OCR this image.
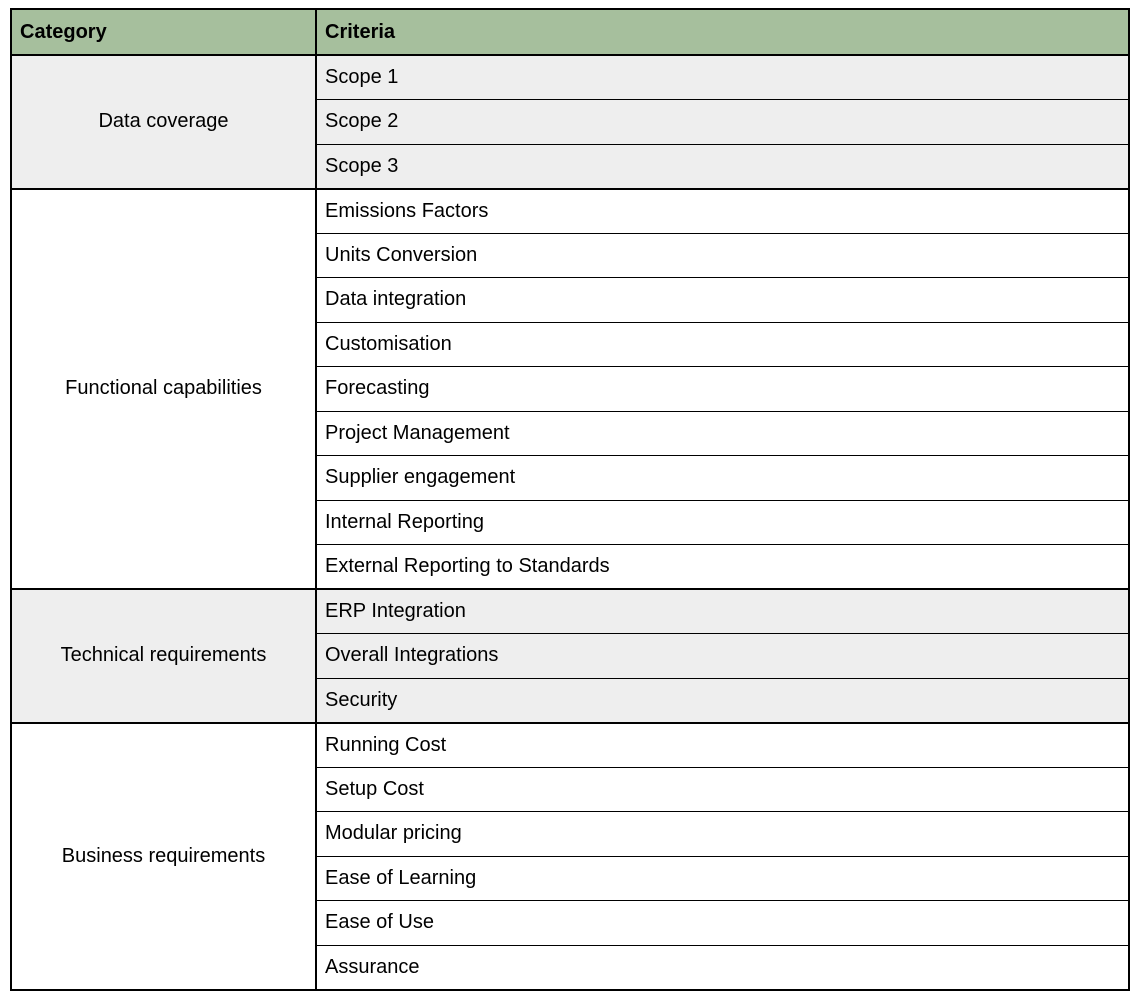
Category	Criteria
Data coverage	Scope 1
	Scope 2
	Scope 3
Functional capabilities	Emissions Factors
	Units Conversion
	Data integration
	Customisation
	Forecasting
	Project Management
	Supplier engagement
	Internal Reporting
	External Reporting to Standards
Technical requirements	ERP Integration
	Overall Integrations
	Security
Business requirements	Running Cost
	Setup Cost
	Modular pricing
	Ease of Learning
	Ease of Use
	Assurance
